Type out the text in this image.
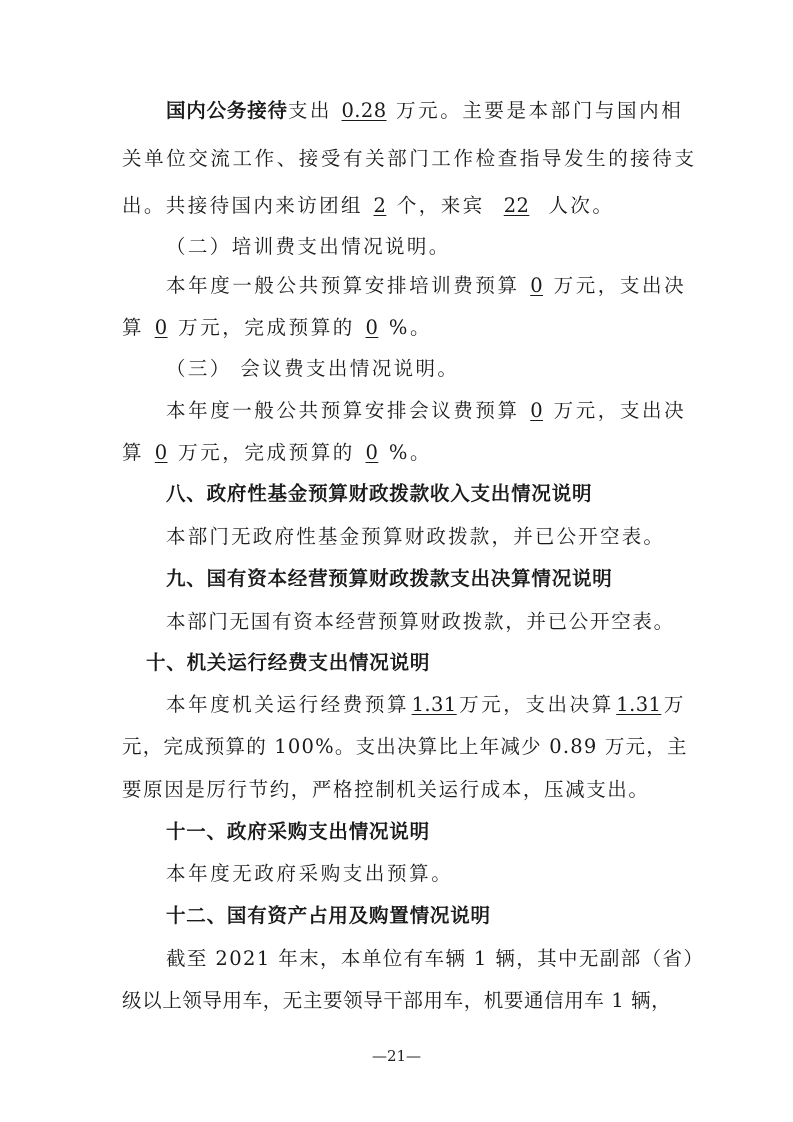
国内公务接待支出 0.28 万元。主要是本部门与国内相
关单位交流工作、接受有关部门工作检查指导发生的接待支
出。共接待国内来访团组 2 个，来宾 22 人次。
（二）培训费支出情况说明。
本年度一般公共预算安排培训费预算 0 万元，支出决
算 0 万元，完成预算的 0 %。
（三） 会议费支出情况说明。
本年度一般公共预算安排会议费预算 0 万元，支出决
算 0 万元，完成预算的 0 %。
八、政府性基金预算财政拨款收入支出情况说明
本部门无政府性基金预算财政拨款，并已公开空表。
九、国有资本经营预算财政拨款支出决算情况说明
本部门无国有资本经营预算财政拨款，并已公开空表。
十、机关运行经费支出情况说明
本年度机关运行经费预算 1.31 万元，支出决算 1.31 万
元，完成预算的 100%。支出决算比上年减少 0.89 万元，主
要原因是厉行节约，严格控制机关运行成本，压减支出。
十一、政府采购支出情况说明
本年度无政府采购支出预算。
十二、国有资产占用及购置情况说明
截至 2021 年末，本单位有车辆 1 辆，其中无副部（省）
级以上领导用车，无主要领导干部用车，机要通信用车 1 辆，
—21—
